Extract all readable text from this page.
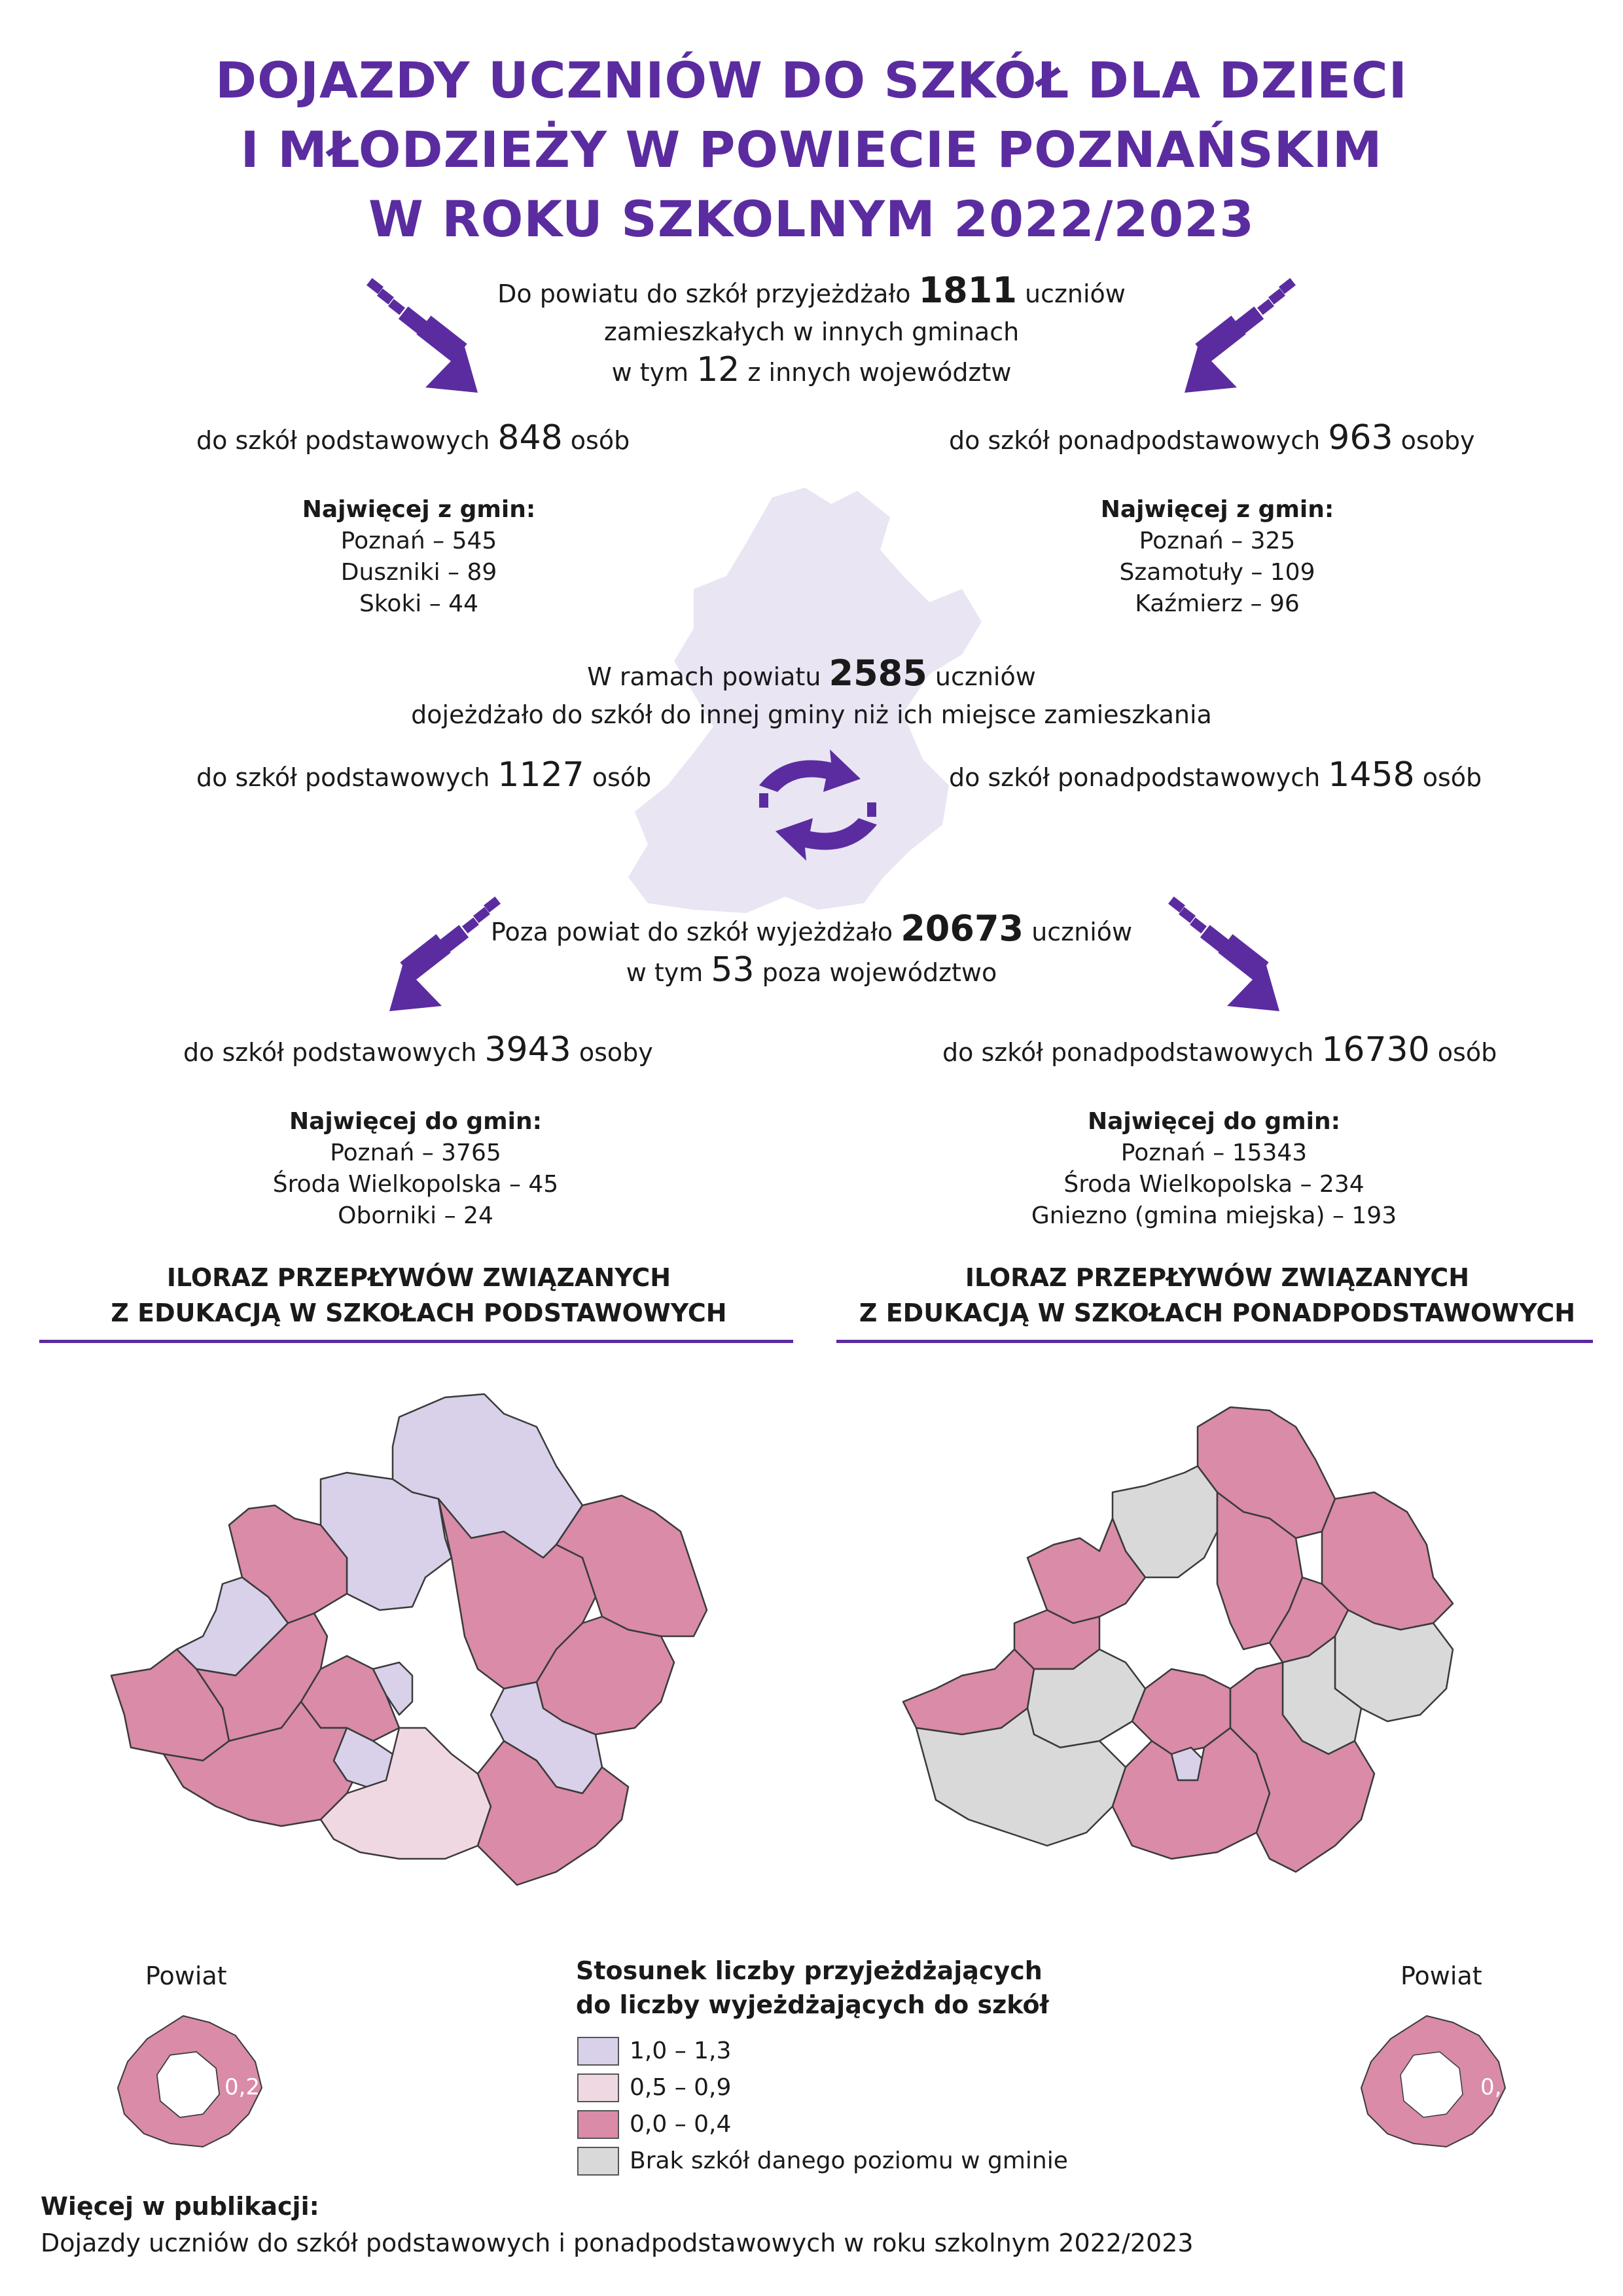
DOJAZDY UCZNIÓW DO SZKÓŁ DLA DZIECI
I MŁODZIEŻY W POWIECIE POZNAŃSKIM
W ROKU SZKOLNYM 2022/2023
Do powiatu do szkół przyjeżdżało 1811 uczniów
zamieszkałych w innych gminach
w tym 12 z innych województw
do szkół podstawowych 848 osób	do szkół ponadpodstawowych 963 osoby
Najwięcej z gmin:
Poznań – 545
Duszniki – 89
Skoki – 44
Najwięcej z gmin:
Poznań – 325
Szamotuły – 109
Kaźmierz – 96
W ramach powiatu 2585 uczniów
dojeżdżało do szkół do innej gminy niż ich miejsce zamieszkania
do szkół podstawowych 1127 osób	do szkół ponadpodstawowych 1458 osób
Poza powiat do szkół wyjeżdżało 20673 uczniów
w tym 53 poza województwo
do szkół podstawowych 3943 osoby	do szkół ponadpodstawowych 16730 osób
Najwięcej do gmin:
Poznań – 3765
Środa Wielkopolska – 45
Oborniki – 24
Najwięcej do gmin:
Poznań – 15343
Środa Wielkopolska – 234
Gniezno (gmina miejska) – 193
ILORAZ PRZEPŁYWÓW ZWIĄZANYCH
Z EDUKACJĄ W SZKOŁACH PODSTAWOWYCH
ILORAZ PRZEPŁYWÓW ZWIĄZANYCH
Z EDUKACJĄ W SZKOŁACH PONADPODSTAWOWYCH
Powiat
0,2
Powiat
0,1
Stosunek liczby przyjeżdżających
do liczby wyjeżdżających do szkół
1,0 – 1,3
0,5 – 0,9
0,0 – 0,4
Brak szkół danego poziomu w gminie
Więcej w publikacji:
Dojazdy uczniów do szkół podstawowych i ponadpodstawowych w roku szkolnym 2022/2023
